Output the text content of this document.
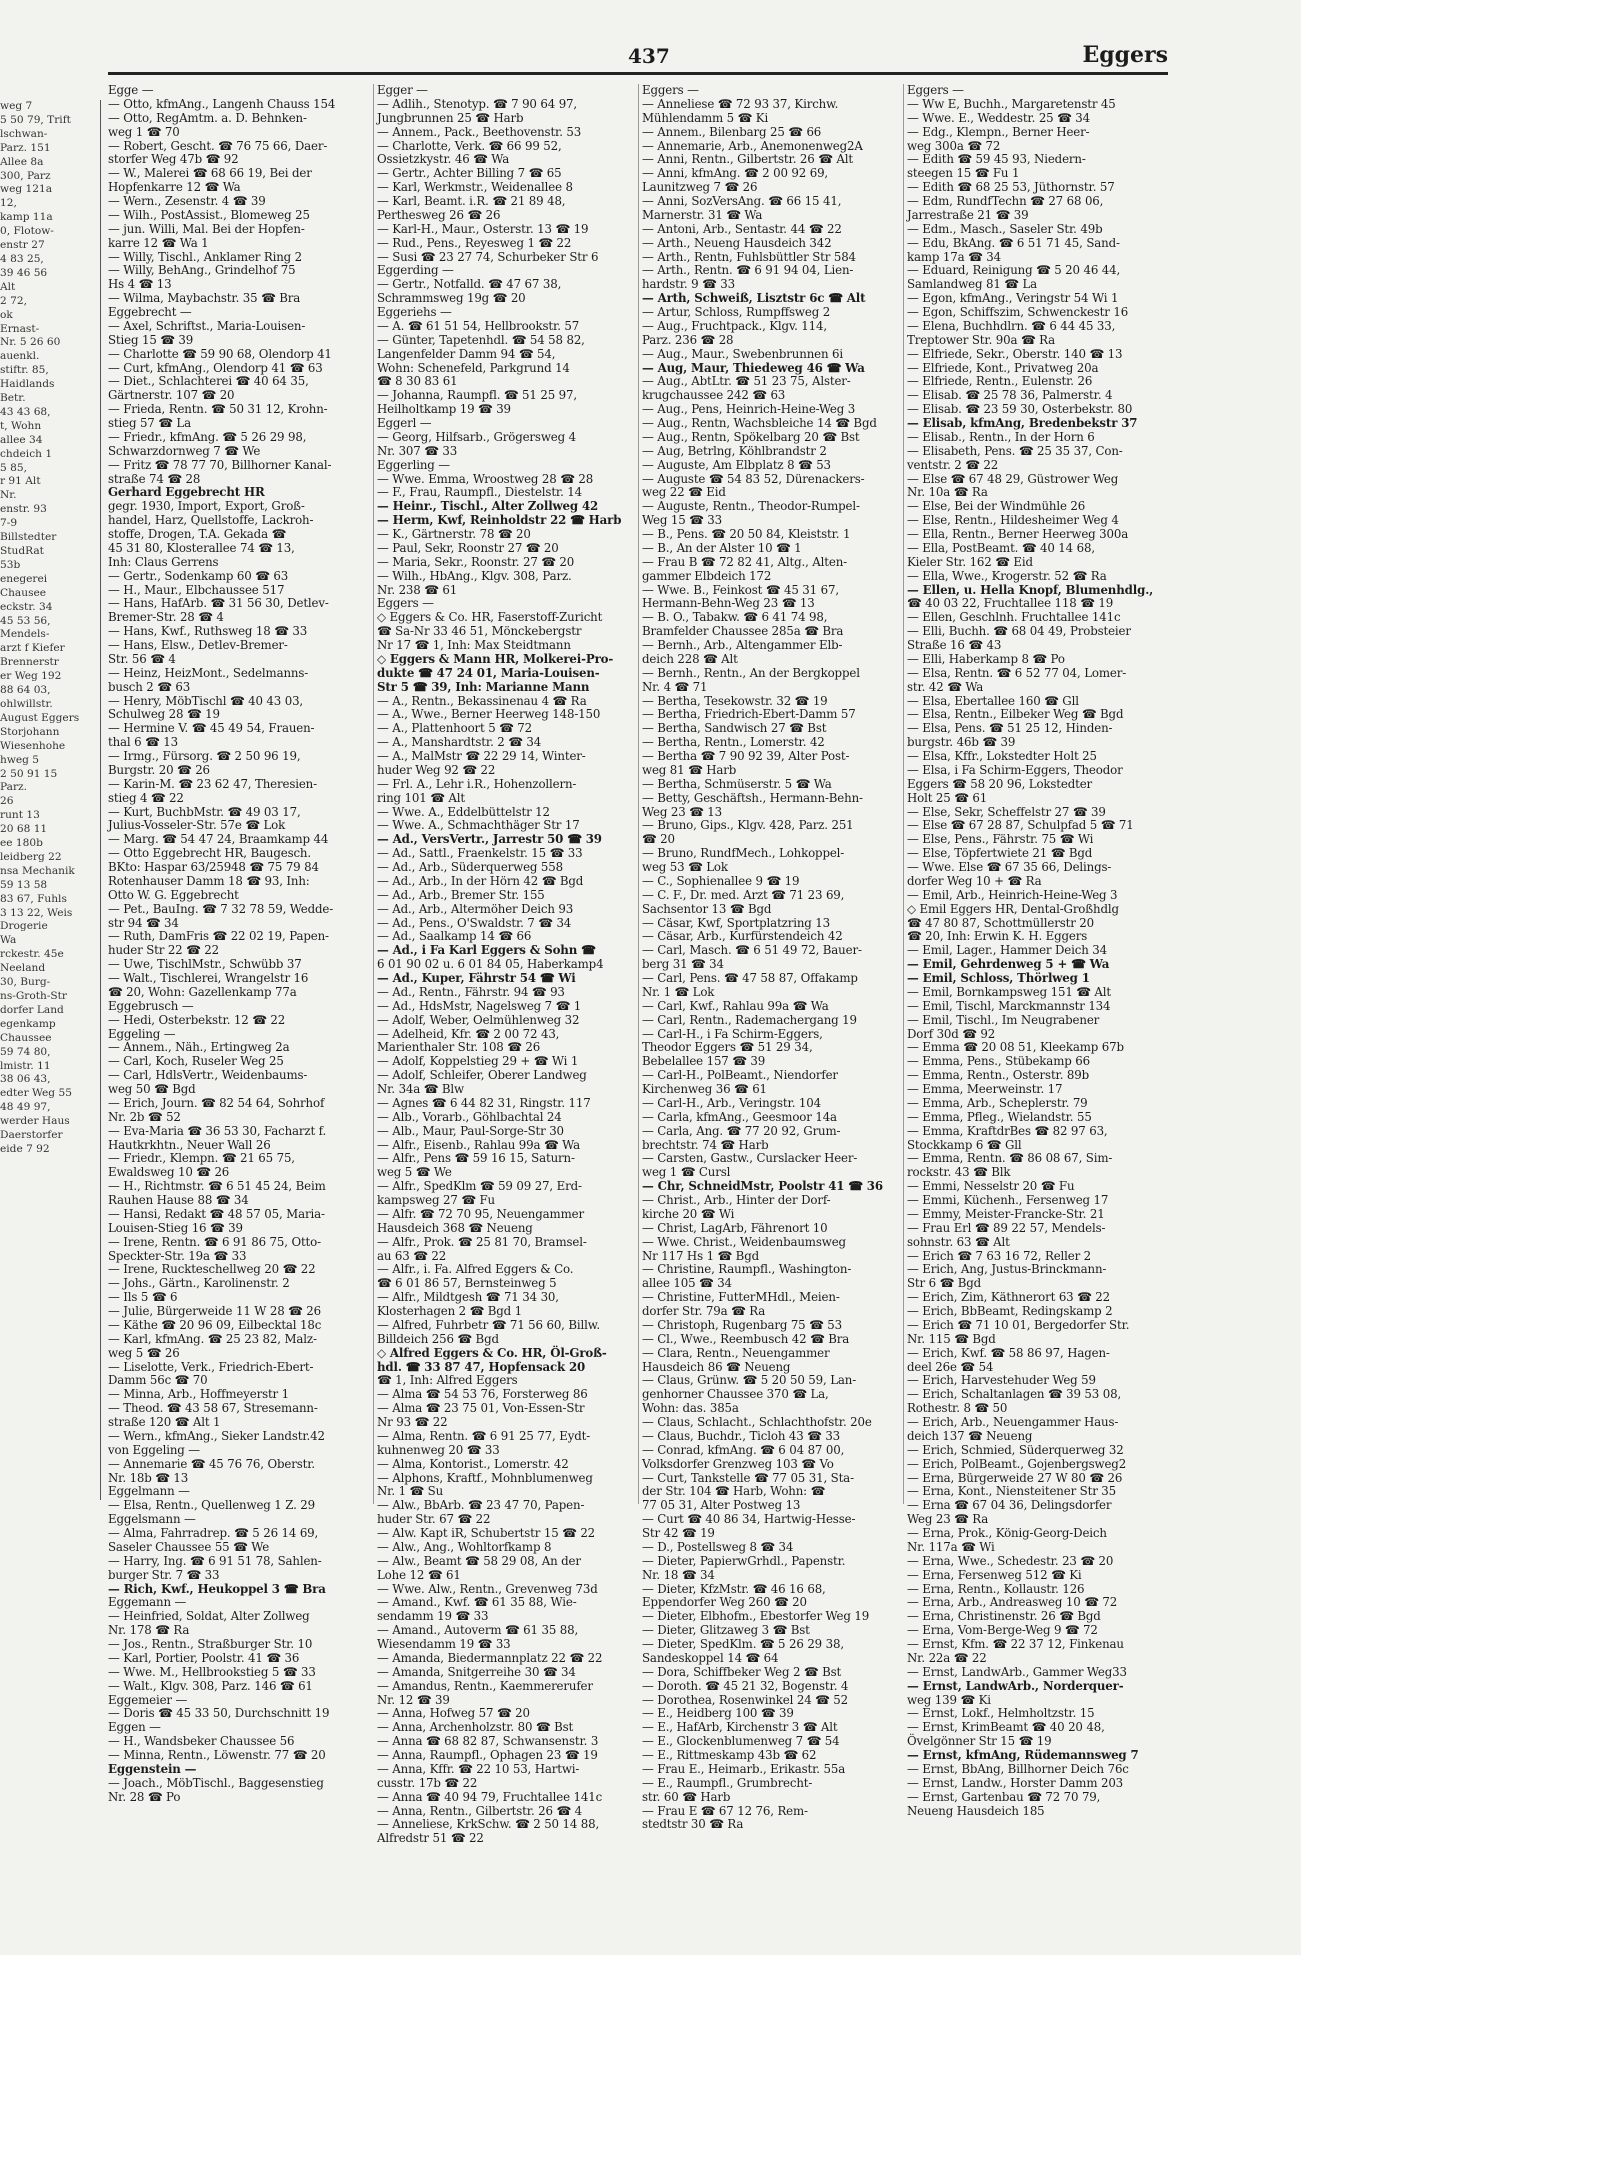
weg 7
5 50 79, Trift
lschwan-
Parz. 151
Allee 8a
300, Parz
weg 121a
12,
kamp 11a
0, Flotow-
enstr 27
4 83 25,
39 46 56
Alt
2 72,
ok
Ernast-
Nr. 5 26 60
auenkl.
stiftr. 85,
Haidlands
Betr.
43 43 68,
t, Wohn
allee 34
chdeich 1
5 85,
r 91 Alt
Nr.
enstr. 93
7-9
Billstedter
StudRat
53b
enegerei
Chausee
eckstr. 34
45 53 56,
Mendels-
arzt f Kiefer
Brennerstr
er Weg 192
88 64 03,
ohlwillstr.
August Eggers
Storjohann
Wiesenhohe
hweg 5
2 50 91 15
Parz.
26
runt 13
20 68 11
ee 180b
leidberg 22
nsa Mechanik
59 13 58
83 67, Fuhls
3 13 22, Weis
Drogerie
Wa
rckestr. 45e
Neeland
30, Burg-
ns-Groth-Str
dorfer Land
egenkamp
Chaussee
59 74 80,
lmistr. 11
38 06 43,
edter Weg 55
48 49 97,
werder Haus
Daerstorfer
eide 7 92
437	Eggers
Egge —
— Otto, kfmAng., Langenh Chauss 154
— Otto, RegAmtm. a. D. Behnken-
weg 1 ☎ 70
— Robert, Gescht. ☎ 76 75 66, Daer-
storfer Weg 47b ☎ 92
— W., Malerei ☎ 68 66 19, Bei der
Hopfenkarre 12 ☎ Wa
— Wern., Zesenstr. 4 ☎ 39
— Wilh., PostAssist., Blomeweg 25
— jun. Willi, Mal. Bei der Hopfen-
karre 12 ☎ Wa 1
— Willy, Tischl., Anklamer Ring 2
— Willy, BehAng., Grindelhof 75
Hs 4 ☎ 13
— Wilma, Maybachstr. 35 ☎ Bra
Eggebrecht —
— Axel, Schriftst., Maria-Louisen-
Stieg 15 ☎ 39
— Charlotte ☎ 59 90 68, Olendorp 41
— Curt, kfmAng., Olendorp 41 ☎ 63
— Diet., Schlachterei ☎ 40 64 35,
Gärtnerstr. 107 ☎ 20
— Frieda, Rentn. ☎ 50 31 12, Krohn-
stieg 57 ☎ La
— Friedr., kfmAng. ☎ 5 26 29 98,
Schwarzdornweg 7 ☎ We
— Fritz ☎ 78 77 70, Billhorner Kanal-
straße 74 ☎ 28
Gerhard Eggebrecht HR
gegr. 1930, Import, Export, Groß-
handel, Harz, Quellstoffe, Lackroh-
stoffe, Drogen, T.A. Gekada ☎
45 31 80, Klosterallee 74 ☎ 13,
Inh: Claus Gerrens
— Gertr., Sodenkamp 60 ☎ 63
— H., Maur., Elbchaussee 517
— Hans, HafArb. ☎ 31 56 30, Detlev-
Bremer-Str. 28 ☎ 4
— Hans, Kwf., Ruthsweg 18 ☎ 33
— Hans, Elsw., Detlev-Bremer-
Str. 56 ☎ 4
— Heinz, HeizMont., Sedelmanns-
busch 2 ☎ 63
— Henry, MöbTischl ☎ 40 43 03,
Schulweg 28 ☎ 19
— Hermine V. ☎ 45 49 54, Frauen-
thal 6 ☎ 13
— Irmg., Fürsorg. ☎ 2 50 96 19,
Burgstr. 20 ☎ 26
— Karin-M. ☎ 23 62 47, Theresien-
stieg 4 ☎ 22
— Kurt, BuchbMstr. ☎ 49 03 17,
Julius-Vosseler-Str. 57e ☎ Lok
— Marg. ☎ 54 47 24, Braamkamp 44
— Otto Eggebrecht HR, Baugesch.
BKto: Haspar 63/25948 ☎ 75 79 84
Rotenhauser Damm 18 ☎ 93, Inh:
Otto W. G. Eggebrecht
— Pet., BauIng. ☎ 7 32 78 59, Wedde-
str 94 ☎ 34
— Ruth, DamFris ☎ 22 02 19, Papen-
huder Str 22 ☎ 22
— Uwe, TischlMstr., Schwübb 37
— Walt., Tischlerei, Wrangelstr 16
☎ 20, Wohn: Gazellenkamp 77a
Eggebrusch —
— Hedi, Osterbekstr. 12 ☎ 22
Eggeling —
— Annem., Näh., Ertingweg 2a
— Carl, Koch, Ruseler Weg 25
— Carl, HdlsVertr., Weidenbaums-
weg 50 ☎ Bgd
— Erich, Journ. ☎ 82 54 64, Sohrhof
Nr. 2b ☎ 52
— Eva-Maria ☎ 36 53 30, Facharzt f.
Hautkrkhtn., Neuer Wall 26
— Friedr., Klempn. ☎ 21 65 75,
Ewaldsweg 10 ☎ 26
— H., Richtmstr. ☎ 6 51 45 24, Beim
Rauhen Hause 88 ☎ 34
— Hansi, Redakt ☎ 48 57 05, Maria-
Louisen-Stieg 16 ☎ 39
— Irene, Rentn. ☎ 6 91 86 75, Otto-
Speckter-Str. 19a ☎ 33
— Irene, Ruckteschellweg 20 ☎ 22
— Johs., Gärtn., Karolinenstr. 2
— Ils 5 ☎ 6
— Julie, Bürgerweide 11 W 28 ☎ 26
— Käthe ☎ 20 96 09, Eilbecktal 18c
— Karl, kfmAng. ☎ 25 23 82, Malz-
weg 5 ☎ 26
— Liselotte, Verk., Friedrich-Ebert-
Damm 56c ☎ 70
— Minna, Arb., Hoffmeyerstr 1
— Theod. ☎ 43 58 67, Stresemann-
straße 120 ☎ Alt 1
— Wern., kfmAng., Sieker Landstr.42
von Eggeling —
— Annemarie ☎ 45 76 76, Oberstr.
Nr. 18b ☎ 13
Eggelmann —
— Elsa, Rentn., Quellenweg 1 Z. 29
Eggelsmann —
— Alma, Fahrradrep. ☎ 5 26 14 69,
Saseler Chaussee 55 ☎ We
— Harry, Ing. ☎ 6 91 51 78, Sahlen-
burger Str. 7 ☎ 33
— Rich, Kwf., Heukoppel 3 ☎ Bra
Eggemann —
— Heinfried, Soldat, Alter Zollweg
Nr. 178 ☎ Ra
— Jos., Rentn., Straßburger Str. 10
— Karl, Portier, Poolstr. 41 ☎ 36
— Wwe. M., Hellbrookstieg 5 ☎ 33
— Walt., Klgv. 308, Parz. 146 ☎ 61
Eggemeier —
— Doris ☎ 45 33 50, Durchschnitt 19
Eggen —
— H., Wandsbeker Chaussee 56
— Minna, Rentn., Löwenstr. 77 ☎ 20
Eggenstein —
— Joach., MöbTischl., Baggesenstieg
Nr. 28 ☎ Po
Egger —
— Adlih., Stenotyp. ☎ 7 90 64 97,
Jungbrunnen 25 ☎ Harb
— Annem., Pack., Beethovenstr. 53
— Charlotte, Verk. ☎ 66 99 52,
Ossietzkystr. 46 ☎ Wa
— Gertr., Achter Billing 7 ☎ 65
— Karl, Werkmstr., Weidenallee 8
— Karl, Beamt. i.R. ☎ 21 89 48,
Perthesweg 26 ☎ 26
— Karl-H., Maur., Osterstr. 13 ☎ 19
— Rud., Pens., Reyesweg 1 ☎ 22
— Susi ☎ 23 27 74, Schurbeker Str 6
Eggerding —
— Gertr., Notfalld. ☎ 47 67 38,
Schrammsweg 19g ☎ 20
Eggeriehs —
— A. ☎ 61 51 54, Hellbrookstr. 57
— Günter, Tapetenhdl. ☎ 54 58 82,
Langenfelder Damm 94 ☎ 54,
Wohn: Schenefeld, Parkgrund 14
☎ 8 30 83 61
— Johanna, Raumpfl. ☎ 51 25 97,
Heilholtkamp 19 ☎ 39
Eggerl —
— Georg, Hilfsarb., Grögersweg 4
Nr. 307 ☎ 33
Eggerling —
— Wwe. Emma, Wroostweg 28 ☎ 28
— F., Frau, Raumpfl., Diestelstr. 14
— Heinr., Tischl., Alter Zollweg 42
— Herm, Kwf, Reinholdstr 22 ☎ Harb
— K., Gärtnerstr. 78 ☎ 20
— Paul, Sekr, Roonstr 27 ☎ 20
— Maria, Sekr., Roonstr. 27 ☎ 20
— Wilh., HbAng., Klgv. 308, Parz.
Nr. 238 ☎ 61
Eggers —
◇ Eggers & Co. HR, Faserstoff-Zuricht
☎ Sa-Nr 33 46 51, Mönckebergstr
Nr 17 ☎ 1, Inh: Max Steidtmann
◇ Eggers & Mann HR, Molkerei-Pro-
dukte ☎ 47 24 01, Maria-Louisen-
Str 5 ☎ 39, Inh: Marianne Mann
— A., Rentn., Bekassinenau 4 ☎ Ra
— A., Wwe., Berner Heerweg 148-150
— A., Plattenhoort 5 ☎ 72
— A., Manshardtstr. 2 ☎ 34
— A., MalMstr ☎ 22 29 14, Winter-
huder Weg 92 ☎ 22
— Frl. A., Lehr i.R., Hohenzollern-
ring 101 ☎ Alt
— Wwe. A., Eddelbüttelstr 12
— Wwe. A., Schmachthäger Str 17
— Ad., VersVertr., Jarrestr 50 ☎ 39
— Ad., Sattl., Fraenkelstr. 15 ☎ 33
— Ad., Arb., Süderquerweg 558
— Ad., Arb., In der Hörn 42 ☎ Bgd
— Ad., Arb., Bremer Str. 155
— Ad., Arb., Altermöher Deich 93
— Ad., Pens., O'Swaldstr. 7 ☎ 34
— Ad., Saalkamp 14 ☎ 66
— Ad., i Fa Karl Eggers & Sohn ☎
6 01 90 02 u. 6 01 84 05, Haberkamp4
— Ad., Kuper, Fährstr 54 ☎ Wi
— Ad., Rentn., Fährstr. 94 ☎ 93
— Ad., HdsMstr, Nagelsweg 7 ☎ 1
— Adolf, Weber, Oelmühlenweg 32
— Adelheid, Kfr. ☎ 2 00 72 43,
Marienthaler Str. 108 ☎ 26
— Adolf, Koppelstieg 29 + ☎ Wi 1
— Adolf, Schleifer, Oberer Landweg
Nr. 34a ☎ Blw
— Agnes ☎ 6 44 82 31, Ringstr. 117
— Alb., Vorarb., Göhlbachtal 24
— Alb., Maur, Paul-Sorge-Str 30
— Alfr., Eisenb., Rahlau 99a ☎ Wa
— Alfr., Pens ☎ 59 16 15, Saturn-
weg 5 ☎ We
— Alfr., SpedKlm ☎ 59 09 27, Erd-
kampsweg 27 ☎ Fu
— Alfr. ☎ 72 70 95, Neuengammer
Hausdeich 368 ☎ Neueng
— Alfr., Prok. ☎ 25 81 70, Bramsel-
au 63 ☎ 22
— Alfr., i. Fa. Alfred Eggers & Co.
☎ 6 01 86 57, Bernsteinweg 5
— Alfr., Mildtgesh ☎ 71 34 30,
Klosterhagen 2 ☎ Bgd 1
— Alfred, Fuhrbetr ☎ 71 56 60, Billw.
Billdeich 256 ☎ Bgd
◇ Alfred Eggers & Co. HR, Öl-Groß-
hdl. ☎ 33 87 47, Hopfensack 20
☎ 1, Inh: Alfred Eggers
— Alma ☎ 54 53 76, Forsterweg 86
— Alma ☎ 23 75 01, Von-Essen-Str
Nr 93 ☎ 22
— Alma, Rentn. ☎ 6 91 25 77, Eydt-
kuhnenweg 20 ☎ 33
— Alma, Kontorist., Lomerstr. 42
— Alphons, Kraftf., Mohnblumenweg
Nr. 1 ☎ Su
— Alw., BbArb. ☎ 23 47 70, Papen-
huder Str. 67 ☎ 22
— Alw. Kapt iR, Schubertstr 15 ☎ 22
— Alw., Ang., Wohltorfkamp 8
— Alw., Beamt ☎ 58 29 08, An der
Lohe 12 ☎ 61
— Wwe. Alw., Rentn., Grevenweg 73d
— Amand., Kwf. ☎ 61 35 88, Wie-
sendamm 19 ☎ 33
— Amand., Autoverm ☎ 61 35 88,
Wiesendamm 19 ☎ 33
— Amanda, Biedermannplatz 22 ☎ 22
— Amanda, Snitgerreihe 30 ☎ 34
— Amandus, Rentn., Kaemmererufer
Nr. 12 ☎ 39
— Anna, Hofweg 57 ☎ 20
— Anna, Archenholzstr. 80 ☎ Bst
— Anna ☎ 68 82 87, Schwansenstr. 3
— Anna, Raumpfl., Ophagen 23 ☎ 19
— Anna, Kffr. ☎ 22 10 53, Hartwi-
cusstr. 17b ☎ 22
— Anna ☎ 40 94 79, Fruchtallee 141c
— Anna, Rentn., Gilbertstr. 26 ☎ 4
— Anneliese, KrkSchw. ☎ 2 50 14 88,
Alfredstr 51 ☎ 22
Eggers —
— Anneliese ☎ 72 93 37, Kirchw.
Mühlendamm 5 ☎ Ki
— Annem., Bilenbarg 25 ☎ 66
— Annemarie, Arb., Anemonenweg2A
— Anni, Rentn., Gilbertstr. 26 ☎ Alt
— Anni, kfmAng. ☎ 2 00 92 69,
Launitzweg 7 ☎ 26
— Anni, SozVersAng. ☎ 66 15 41,
Marnerstr. 31 ☎ Wa
— Antoni, Arb., Sentastr. 44 ☎ 22
— Arth., Neueng Hausdeich 342
— Arth., Rentn, Fuhlsbüttler Str 584
— Arth., Rentn. ☎ 6 91 94 04, Lien-
hardstr. 9 ☎ 33
— Arth, Schweiß, Lisztstr 6c ☎ Alt
— Artur, Schloss, Rumpffsweg 2
— Aug., Fruchtpack., Klgv. 114,
Parz. 236 ☎ 28
— Aug., Maur., Swebenbrunnen 6i
— Aug, Maur, Thiedeweg 46 ☎ Wa
— Aug., AbtLtr. ☎ 51 23 75, Alster-
krugchaussee 242 ☎ 63
— Aug., Pens, Heinrich-Heine-Weg 3
— Aug., Rentn, Wachsbleiche 14 ☎ Bgd
— Aug., Rentn, Spökelbarg 20 ☎ Bst
— Aug, Betrlng, Köhlbrandstr 2
— Auguste, Am Elbplatz 8 ☎ 53
— Auguste ☎ 54 83 52, Dürenackers-
weg 22 ☎ Eid
— Auguste, Rentn., Theodor-Rumpel-
Weg 15 ☎ 33
— B., Pens. ☎ 20 50 84, Kleiststr. 1
— B., An der Alster 10 ☎ 1
— Frau B ☎ 72 82 41, Altg., Alten-
gammer Elbdeich 172
— Wwe. B., Feinkost ☎ 45 31 67,
Hermann-Behn-Weg 23 ☎ 13
— B. O., Tabakw. ☎ 6 41 74 98,
Bramfelder Chaussee 285a ☎ Bra
— Bernh., Arb., Altengammer Elb-
deich 228 ☎ Alt
— Bernh., Rentn., An der Bergkoppel
Nr. 4 ☎ 71
— Bertha, Tesekowstr. 32 ☎ 19
— Bertha, Friedrich-Ebert-Damm 57
— Bertha, Sandwisch 27 ☎ Bst
— Bertha, Rentn., Lomerstr. 42
— Bertha ☎ 7 90 92 39, Alter Post-
weg 81 ☎ Harb
— Bertha, Schmüserstr. 5 ☎ Wa
— Betty, Geschäftsh., Hermann-Behn-
Weg 23 ☎ 13
— Bruno, Gips., Klgv. 428, Parz. 251
☎ 20
— Bruno, RundfMech., Lohkoppel-
weg 53 ☎ Lok
— C., Sophienallee 9 ☎ 19
— C. F., Dr. med. Arzt ☎ 71 23 69,
Sachsentor 13 ☎ Bgd
— Cäsar, Kwf, Sportplatzring 13
— Cäsar, Arb., Kurfürstendeich 42
— Carl, Masch. ☎ 6 51 49 72, Bauer-
berg 31 ☎ 34
— Carl, Pens. ☎ 47 58 87, Offakamp
Nr. 1 ☎ Lok
— Carl, Kwf., Rahlau 99a ☎ Wa
— Carl, Rentn., Rademachergang 19
— Carl-H., i Fa Schirm-Eggers,
Theodor Eggers ☎ 51 29 34,
Bebelallee 157 ☎ 39
— Carl-H., PolBeamt., Niendorfer
Kirchenweg 36 ☎ 61
— Carl-H., Arb., Veringstr. 104
— Carla, kfmAng., Geesmoor 14a
— Carla, Ang. ☎ 77 20 92, Grum-
brechtstr. 74 ☎ Harb
— Carsten, Gastw., Curslacker Heer-
weg 1 ☎ Cursl
— Chr, SchneidMstr, Poolstr 41 ☎ 36
— Christ., Arb., Hinter der Dorf-
kirche 20 ☎ Wi
— Christ, LagArb, Fährenort 10
— Wwe. Christ., Weidenbaumsweg
Nr 117 Hs 1 ☎ Bgd
— Christine, Raumpfl., Washington-
allee 105 ☎ 34
— Christine, FutterMHdl., Meien-
dorfer Str. 79a ☎ Ra
— Christoph, Rugenbarg 75 ☎ 53
— Cl., Wwe., Reembusch 42 ☎ Bra
— Clara, Rentn., Neuengammer
Hausdeich 86 ☎ Neueng
— Claus, Grünw. ☎ 5 20 50 59, Lan-
genhorner Chaussee 370 ☎ La,
Wohn: das. 385a
— Claus, Schlacht., Schlachthofstr. 20e
— Claus, Buchdr., Ticloh 43 ☎ 33
— Conrad, kfmAng. ☎ 6 04 87 00,
Volksdorfer Grenzweg 103 ☎ Vo
— Curt, Tankstelle ☎ 77 05 31, Sta-
der Str. 104 ☎ Harb, Wohn: ☎
77 05 31, Alter Postweg 13
— Curt ☎ 40 86 34, Hartwig-Hesse-
Str 42 ☎ 19
— D., Postellsweg 8 ☎ 34
— Dieter, PapierwGrhdl., Papenstr.
Nr. 18 ☎ 34
— Dieter, KfzMstr. ☎ 46 16 68,
Eppendorfer Weg 260 ☎ 20
— Dieter, Elbhofm., Ebestorfer Weg 19
— Dieter, Glitzaweg 3 ☎ Bst
— Dieter, SpedKlm. ☎ 5 26 29 38,
Sandeskoppel 14 ☎ 64
— Dora, Schiffbeker Weg 2 ☎ Bst
— Doroth. ☎ 45 21 32, Bogenstr. 4
— Dorothea, Rosenwinkel 24 ☎ 52
— E., Heidberg 100 ☎ 39
— E., HafArb, Kirchenstr 3 ☎ Alt
— E., Glockenblumenweg 7 ☎ 54
— E., Rittmeskamp 43b ☎ 62
— Frau E., Heimarb., Erikastr. 55a
— E., Raumpfl., Grumbrecht-
str. 60 ☎ Harb
— Frau E ☎ 67 12 76, Rem-
stedtstr 30 ☎ Ra
Eggers —
— Ww E, Buchh., Margaretenstr 45
— Wwe. E., Weddestr. 25 ☎ 34
— Edg., Klempn., Berner Heer-
weg 300a ☎ 72
— Edith ☎ 59 45 93, Niedern-
steegen 15 ☎ Fu 1
— Edith ☎ 68 25 53, Jüthornstr. 57
— Edm, RundfTechn ☎ 27 68 06,
Jarrestraße 21 ☎ 39
— Edm., Masch., Saseler Str. 49b
— Edu, BkAng. ☎ 6 51 71 45, Sand-
kamp 17a ☎ 34
— Eduard, Reinigung ☎ 5 20 46 44,
Samlandweg 81 ☎ La
— Egon, kfmAng., Veringstr 54 Wi 1
— Egon, Schiffszim, Schwenckestr 16
— Elena, Buchhdlrn. ☎ 6 44 45 33,
Treptower Str. 90a ☎ Ra
— Elfriede, Sekr., Oberstr. 140 ☎ 13
— Elfriede, Kont., Privatweg 20a
— Elfriede, Rentn., Eulenstr. 26
— Elisab. ☎ 25 78 36, Palmerstr. 4
— Elisab. ☎ 23 59 30, Osterbekstr. 80
— Elisab, kfmAng, Bredenbekstr 37
— Elisab., Rentn., In der Horn 6
— Elisabeth, Pens. ☎ 25 35 37, Con-
ventstr. 2 ☎ 22
— Else ☎ 67 48 29, Güstrower Weg
Nr. 10a ☎ Ra
— Else, Bei der Windmühle 26
— Else, Rentn., Hildesheimer Weg 4
— Ella, Rentn., Berner Heerweg 300a
— Ella, PostBeamt. ☎ 40 14 68,
Kieler Str. 162 ☎ Eid
— Ella, Wwe., Krogerstr. 52 ☎ Ra
— Ellen, u. Hella Knopf, Blumenhdlg.,
☎ 40 03 22, Fruchtallee 118 ☎ 19
— Ellen, Geschlnh. Fruchtallee 141c
— Elli, Buchh. ☎ 68 04 49, Probsteier
Straße 16 ☎ 43
— Elli, Haberkamp 8 ☎ Po
— Elsa, Rentn. ☎ 6 52 77 04, Lomer-
str. 42 ☎ Wa
— Elsa, Ebertallee 160 ☎ Gll
— Elsa, Rentn., Eilbeker Weg ☎ Bgd
— Elsa, Pens. ☎ 51 25 12, Hinden-
burgstr. 46b ☎ 39
— Elsa, Kffr., Lokstedter Holt 25
— Elsa, i Fa Schirm-Eggers, Theodor
Eggers ☎ 58 20 96, Lokstedter
Holt 25 ☎ 61
— Else, Sekr, Scheffelstr 27 ☎ 39
— Else ☎ 67 28 87, Schulpfad 5 ☎ 71
— Else, Pens., Fährstr. 75 ☎ Wi
— Else, Töpfertwiete 21 ☎ Bgd
— Wwe. Else ☎ 67 35 66, Delings-
dorfer Weg 10 + ☎ Ra
— Emil, Arb., Heinrich-Heine-Weg 3
◇ Emil Eggers HR, Dental-Großhdlg
☎ 47 80 87, Schottmüllerstr 20
☎ 20, Inh: Erwin K. H. Eggers
— Emil, Lager., Hammer Deich 34
— Emil, Gehrdenweg 5 + ☎ Wa
— Emil, Schloss, Thörlweg 1
— Emil, Bornkampsweg 151 ☎ Alt
— Emil, Tischl, Marckmannstr 134
— Emil, Tischl., Im Neugrabener
Dorf 30d ☎ 92
— Emma ☎ 20 08 51, Kleekamp 67b
— Emma, Pens., Stübekamp 66
— Emma, Rentn., Osterstr. 89b
— Emma, Meerweinstr. 17
— Emma, Arb., Scheplerstr. 79
— Emma, Pfleg., Wielandstr. 55
— Emma, KraftdrBes ☎ 82 97 63,
Stockkamp 6 ☎ Gll
— Emma, Rentn. ☎ 86 08 67, Sim-
rockstr. 43 ☎ Blk
— Emmi, Nesselstr 20 ☎ Fu
— Emmi, Küchenh., Fersenweg 17
— Emmy, Meister-Francke-Str. 21
— Frau Erl ☎ 89 22 57, Mendels-
sohnstr. 63 ☎ Alt
— Erich ☎ 7 63 16 72, Reller 2
— Erich, Ang, Justus-Brinckmann-
Str 6 ☎ Bgd
— Erich, Zim, Käthnerort 63 ☎ 22
— Erich, BbBeamt, Redingskamp 2
— Erich ☎ 71 10 01, Bergedorfer Str.
Nr. 115 ☎ Bgd
— Erich, Kwf. ☎ 58 86 97, Hagen-
deel 26e ☎ 54
— Erich, Harvestehuder Weg 59
— Erich, Schaltanlagen ☎ 39 53 08,
Rothestr. 8 ☎ 50
— Erich, Arb., Neuengammer Haus-
deich 137 ☎ Neueng
— Erich, Schmied, Süderquerweg 32
— Erich, PolBeamt., Gojenbergsweg2
— Erna, Bürgerweide 27 W 80 ☎ 26
— Erna, Kont., Niensteitener Str 35
— Erna ☎ 67 04 36, Delingsdorfer
Weg 23 ☎ Ra
— Erna, Prok., König-Georg-Deich
Nr. 117a ☎ Wi
— Erna, Wwe., Schedestr. 23 ☎ 20
— Erna, Fersenweg 512 ☎ Ki
— Erna, Rentn., Kollaustr. 126
— Erna, Arb., Andreasweg 10 ☎ 72
— Erna, Christinenstr. 26 ☎ Bgd
— Erna, Vom-Berge-Weg 9 ☎ 72
— Ernst, Kfm. ☎ 22 37 12, Finkenau
Nr. 22a ☎ 22
— Ernst, LandwArb., Gammer Weg33
— Ernst, LandwArb., Norderquer-
weg 139 ☎ Ki
— Ernst, Lokf., Helmholtzstr. 15
— Ernst, KrimBeamt ☎ 40 20 48,
Övelgönner Str 15 ☎ 19
— Ernst, kfmAng, Rüdemannsweg 7
— Ernst, BbAng, Billhorner Deich 76c
— Ernst, Landw., Horster Damm 203
— Ernst, Gartenbau ☎ 72 70 79,
Neueng Hausdeich 185
